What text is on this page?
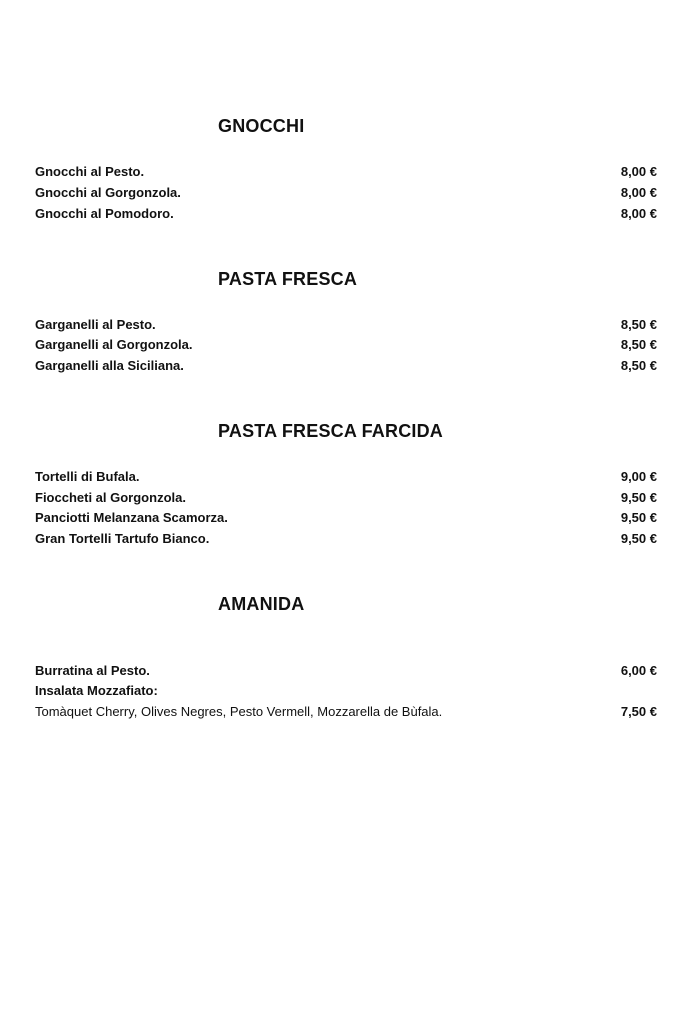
GNOCCHI
Gnocchi al Pesto.	8,00 €
Gnocchi al Gorgonzola.	8,00 €
Gnocchi al Pomodoro.	8,00 €
PASTA FRESCA
Garganelli al Pesto.	8,50 €
Garganelli al Gorgonzola.	8,50 €
Garganelli alla Siciliana.	8,50 €
PASTA FRESCA FARCIDA
Tortelli di Bufala.	9,00 €
Fioccheti al Gorgonzola.	9,50 €
Panciotti Melanzana Scamorza.	9,50 €
Gran Tortelli Tartufo Bianco.	9,50 €
AMANIDA
Burratina al Pesto.	6,00 €
Insalata Mozzafiato:
Tomàquet Cherry, Olives Negres, Pesto Vermell, Mozzarella de Bùfala.	7,50 €
